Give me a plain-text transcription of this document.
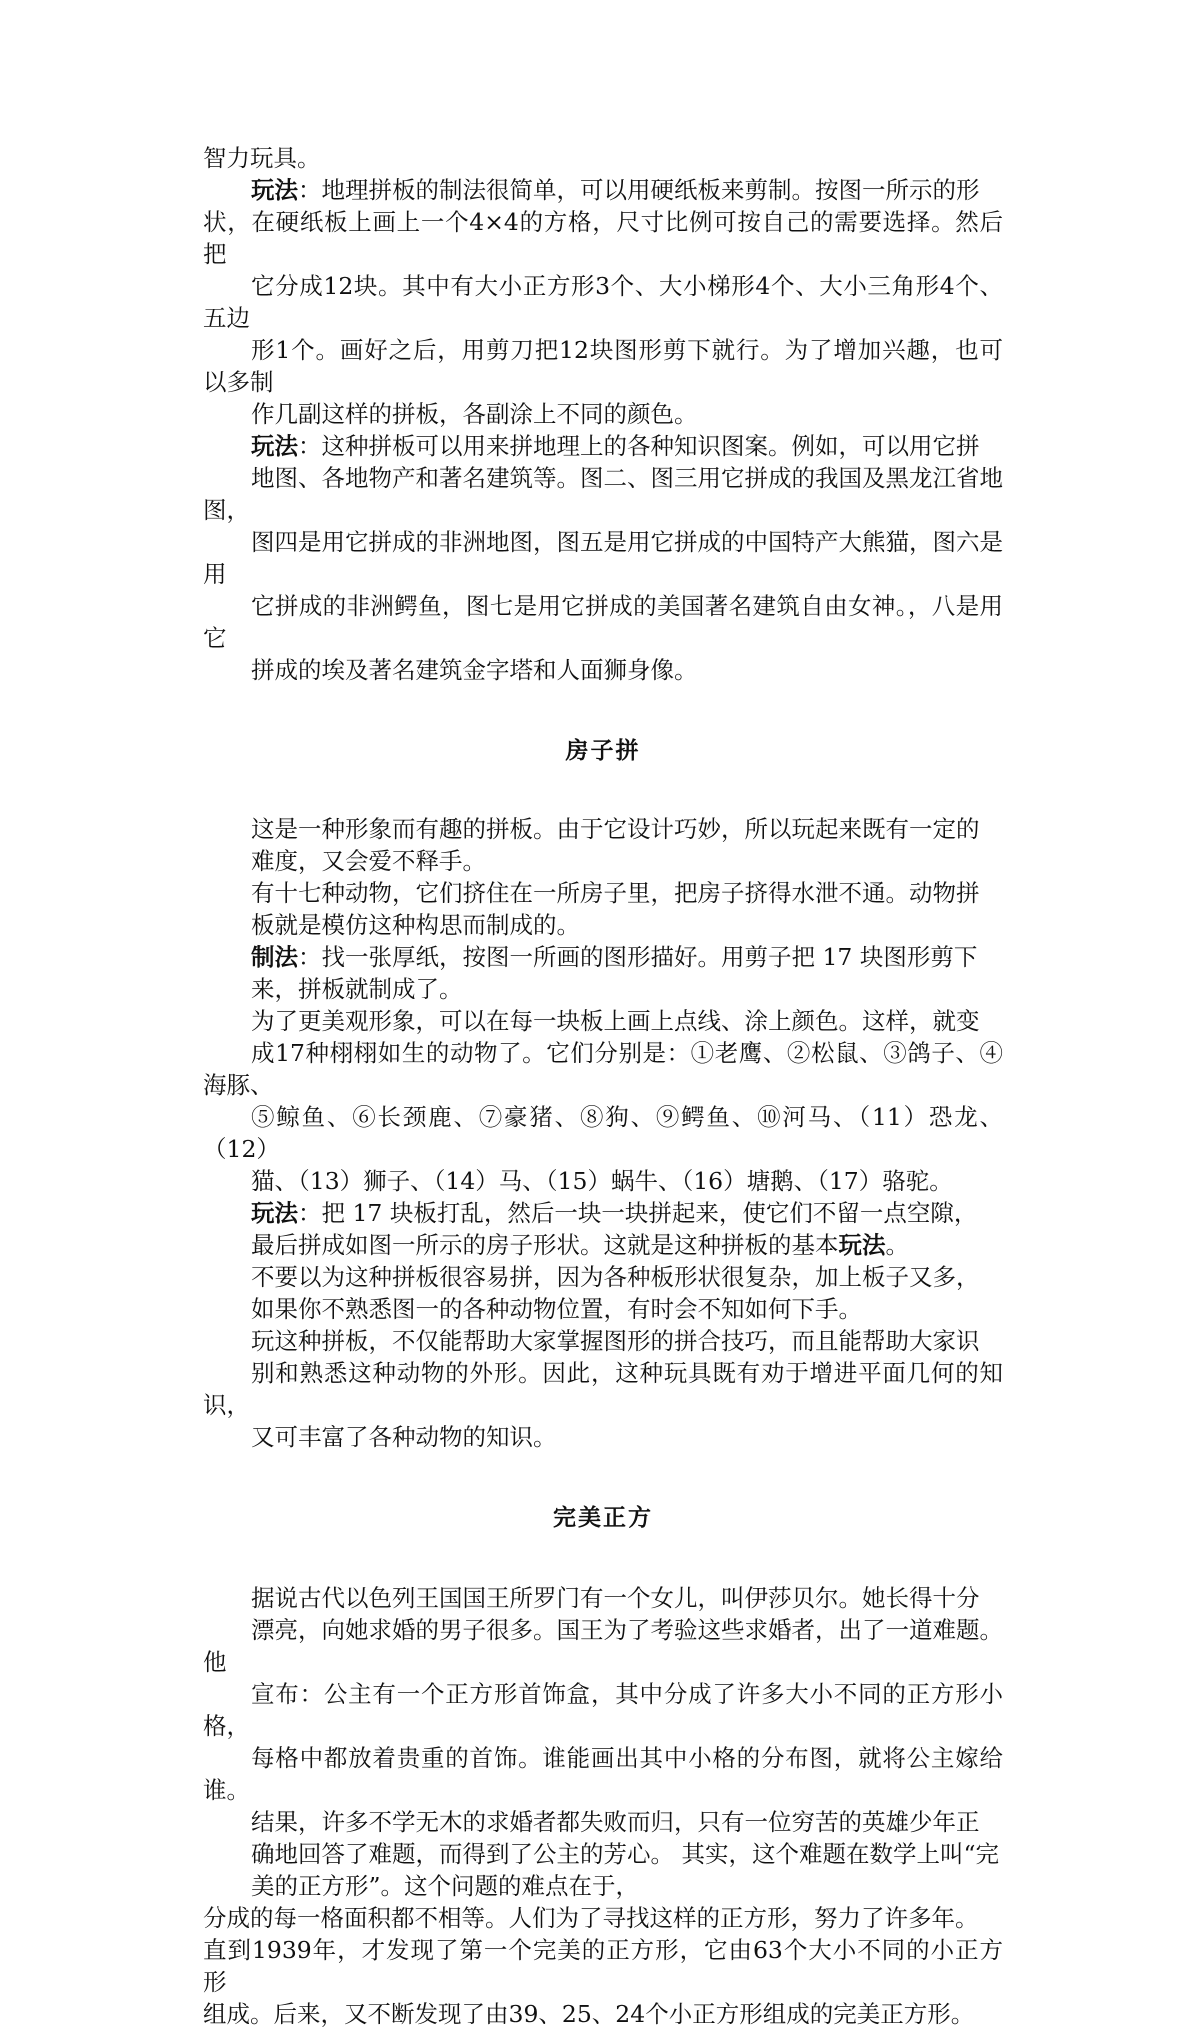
智力玩具。

玩法：地理拼板的制法很简单，可以用硬纸板来剪制。按图一所示的形
状，在硬纸板上画上一个4×4的方格，尺寸比例可按自己的需要选择。然后 把
它分成12块。其中有大小正方形3个、大小梯形4个、大小三角形4个、 五边
形1个。画好之后，用剪刀把12块图形剪下就行。为了增加兴趣，也可 以多制
作几副这样的拼板，各副涂上不同的颜色。

玩法：这种拼板可以用来拼地理上的各种知识图案。例如，可以用它拼
地图、各地物产和著名建筑等。图二、图三用它拼成的我国及黑龙江省地图，
图四是用它拼成的非洲地图，图五是用它拼成的中国特产大熊猫，图六是用
它拼成的非洲鳄鱼，图七是用它拼成的美国著名建筑自由女神。，八是用它
拼成的埃及著名建筑金字塔和人面狮身像。

房子拼

这是一种形象而有趣的拼板。由于它设计巧妙，所以玩起来既有一定的
难度，又会爱不释手。

有十七种动物，它们挤住在一所房子里，把房子挤得水泄不通。动物拼
板就是模仿这种构思而制成的。

制法：找一张厚纸，按图一所画的图形描好。用剪子把 17 块图形剪下
来，拼板就制成了。

为了更美观形象，可以在每一块板上画上点线、涂上颜色。这样，就变
成17种栩栩如生的动物了。它们分别是：①老鹰、②松鼠、③鸽子、④海豚、
⑤鲸鱼、⑥长颈鹿、⑦豪猪、⑧狗、⑨鳄鱼、⑩河马、（11）恐龙、（12）
猫、（13）狮子、（14）马、（15）蜗牛、（16）塘鹅、（17）骆驼。

玩法：把 17 块板打乱，然后一块一块拼起来，使它们不留一点空隙，
最后拼成如图一所示的房子形状。这就是这种拼板的基本玩法。

不要以为这种拼板很容易拼，因为各种板形状很复杂，加上板子又多，
如果你不熟悉图一的各种动物位置，有时会不知如何下手。

玩这种拼板，不仅能帮助大家掌握图形的拼合技巧，而且能帮助大家识
别和熟悉这种动物的外形。因此，这种玩具既有劝于增进平面几何的知识，
又可丰富了各种动物的知识。

完美正方

据说古代以色列王国国王所罗门有一个女儿，叫伊莎贝尔。她长得十分
漂亮，向她求婚的男子很多。国王为了考验这些求婚者，出了一道难题。他
宣布：公主有一个正方形首饰盒，其中分成了许多大小不同的正方形小格，
每格中都放着贵重的首饰。谁能画出其中小格的分布图，就将公主嫁给谁。

结果，许多不学无木的求婚者都失败而归，只有一位穷苦的英雄少年正
确地回答了难题，而得到了公主的芳心。 其实，这个难题在数学上叫“完
美的正方形”。这个问题的难点在于，

分成的每一格面积都不相等。人们为了寻找这样的正方形，努力了许多年。
直到1939年，才发现了第一个完美的正方形，它由63个大小不同的小正方 形
组成。后来，又不断发现了由39、25、24个小正方形组成的完美正方形。
